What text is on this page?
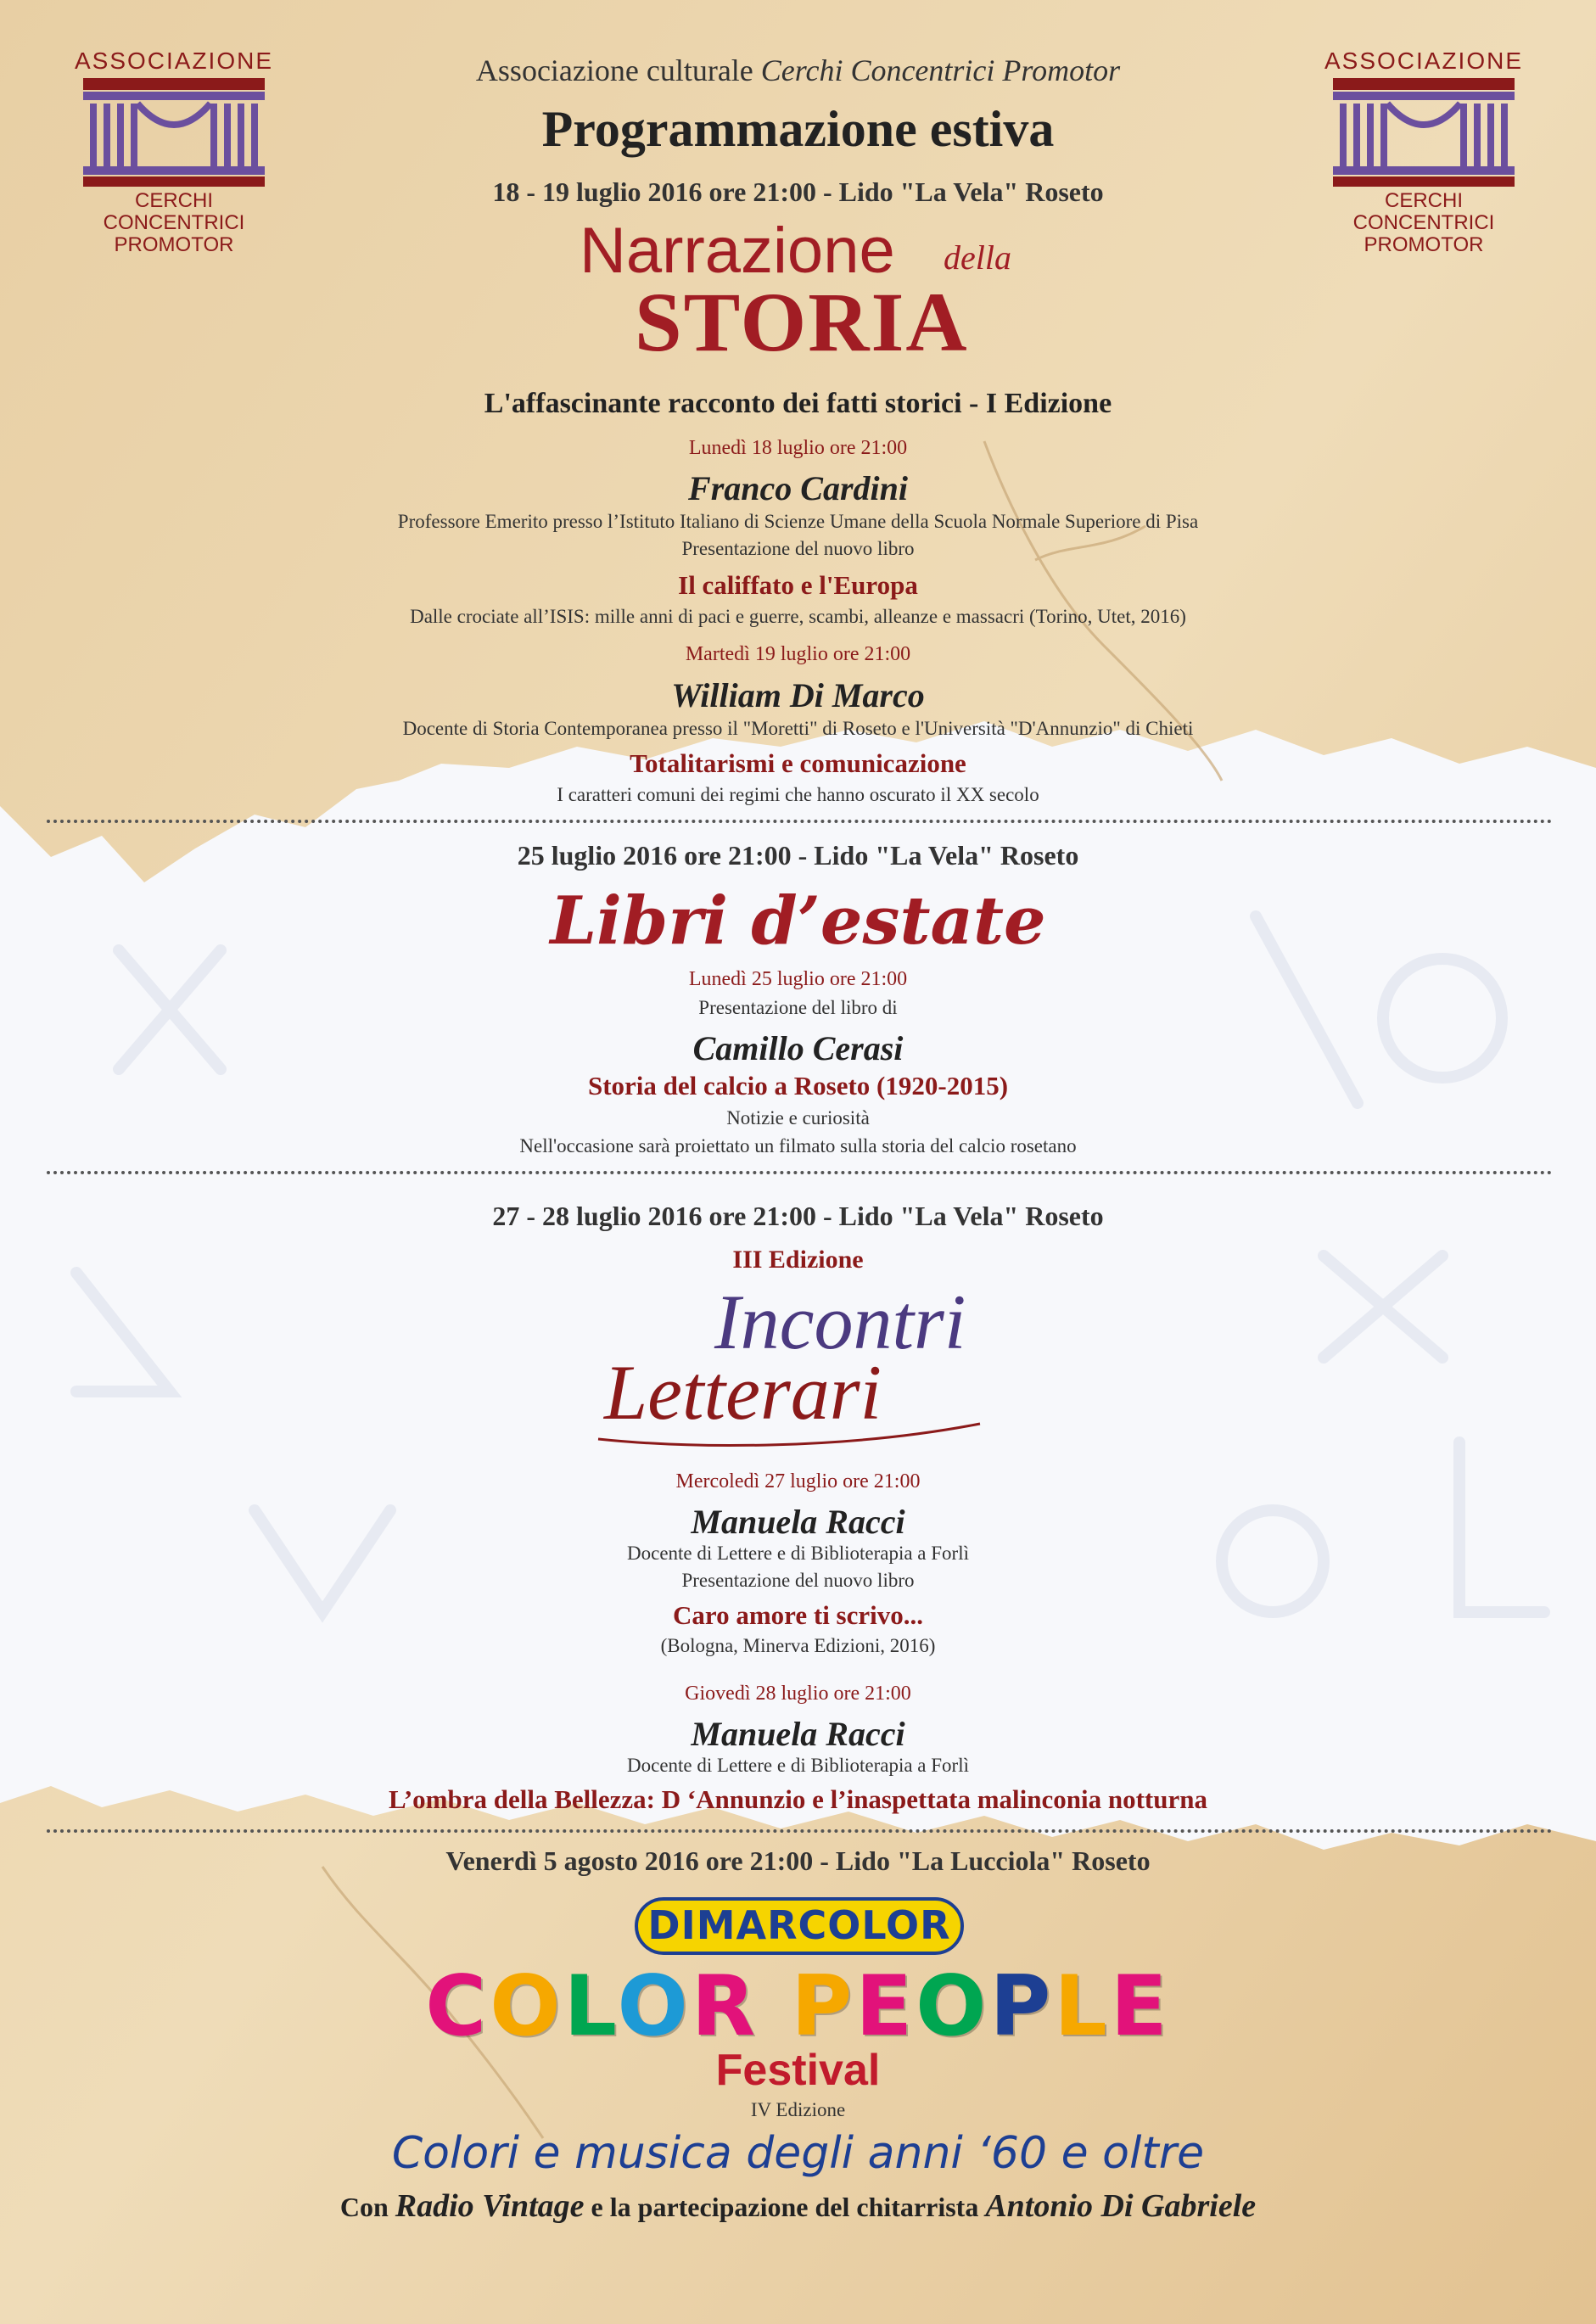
ASSOCIAZIONE
CERCHI CONCENTRICI
PROMOTOR
ASSOCIAZIONE
CERCHI CONCENTRICI
PROMOTOR
Associazione culturale Cerchi Concentrici Promotor
Programmazione estiva
18 - 19 luglio 2016 ore 21:00 - Lido "La Vela" Roseto
Narrazione della
STORIA
L'affascinante racconto dei fatti storici - I Edizione
Lunedì 18 luglio ore 21:00
Franco Cardini
Professore Emerito presso l’Istituto Italiano di Scienze Umane della Scuola Normale Superiore di Pisa
Presentazione del nuovo libro
Il califfato e l'Europa
Dalle crociate all’ISIS: mille anni di paci e guerre, scambi, alleanze e massacri (Torino, Utet, 2016)
Martedì 19 luglio ore 21:00
William Di Marco
Docente di Storia Contemporanea presso il "Moretti" di Roseto e l'Università "D'Annunzio" di Chieti
Totalitarismi e comunicazione
I caratteri comuni dei regimi che hanno oscurato il XX secolo
25 luglio 2016 ore 21:00 - Lido "La Vela" Roseto
Libri d’estate
Lunedì 25 luglio ore 21:00
Presentazione del libro di
Camillo Cerasi
Storia del calcio a Roseto (1920-2015)
Notizie e curiosità
Nell'occasione sarà proiettato un filmato sulla storia del calcio rosetano
27 - 28 luglio 2016 ore 21:00 - Lido "La Vela" Roseto
III Edizione
Incontri
Letterari
Mercoledì 27 luglio ore 21:00
Manuela Racci
Docente di Lettere e di Biblioterapia a Forlì
Presentazione del nuovo libro
Caro amore ti scrivo...
(Bologna, Minerva Edizioni, 2016)
Giovedì 28 luglio ore 21:00
Manuela Racci
Docente di Lettere e di Biblioterapia a Forlì
L’ombra della Bellezza: D ‘Annunzio e l’inaspettata malinconia notturna
Venerdì 5 agosto 2016 ore 21:00 - Lido "La Lucciola" Roseto
DIMARCOLOR
COLOR PEOPLE
Festival
IV Edizione
Colori e musica degli anni ‘60 e oltre
Con Radio Vintage e la partecipazione del chitarrista Antonio Di Gabriele
